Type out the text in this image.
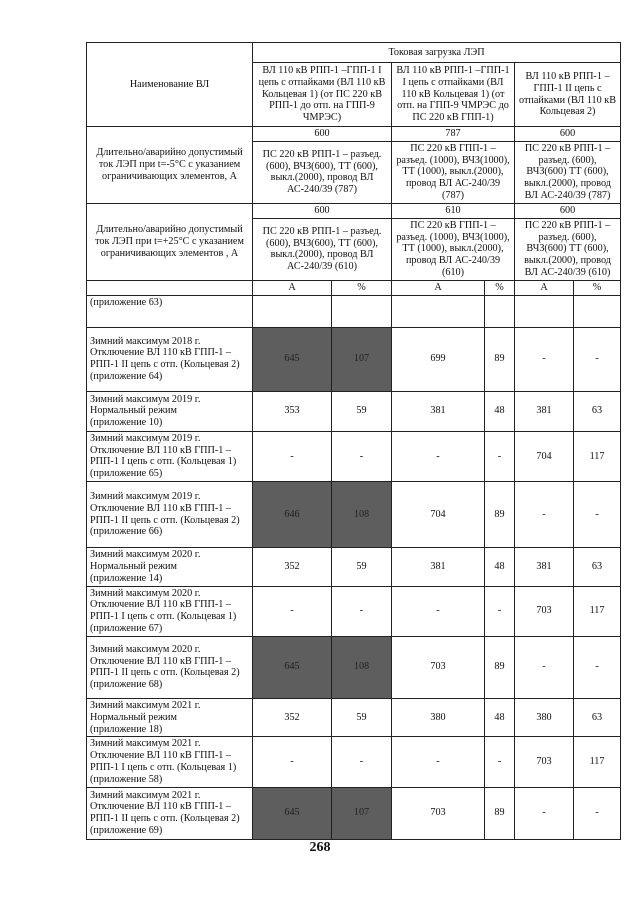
Наименование ВЛ	Токовая загрузка ЛЭП					
	ВЛ 110 кВ РПП-1 –ГПП-1 I цепь с отпайками (ВЛ 110 кВ Кольцевая 1) (от ПС 220 кВ РПП-1 до отп. на ГПП-9 ЧМРЭС)		ВЛ 110 кВ РПП-1 –ГПП-1 I цепь с отпайками (ВЛ 110 кВ Кольцевая 1) (от отп. на ГПП-9 ЧМРЭС до ПС 220 кВ ГПП-1)		ВЛ 110 кВ РПП-1 – ГПП-1 II цепь с отпайками (ВЛ 110 кВ Кольцевая 2)	
Длительно/аварийно допустимый ток ЛЭП при t=-5°С с указанием ограничивающих элементов, А	600		787		600	
	ПС 220 кВ РПП-1 – разъед. (600), ВЧЗ(600), ТТ (600), выкл.(2000), провод ВЛ АС-240/39 (787)		ПС 220 кВ ГПП-1 – разъед. (1000), ВЧЗ(1000), ТТ (1000), выкл.(2000), провод ВЛ АС-240/39 (787)		ПС 220 кВ РПП-1 – разъед. (600), ВЧЗ(600) ТТ (600), выкл.(2000), провод ВЛ АС-240/39 (787)	
Длительно/аварийно допустимый ток ЛЭП при t=+25°С с указанием ограничивающих элементов , А	600		610		600	
	ПС 220 кВ РПП-1 – разъед. (600), ВЧЗ(600), ТТ (600), выкл.(2000), провод ВЛ АС-240/39 (610)		ПС 220 кВ ГПП-1 – разъед. (1000), ВЧЗ(1000), ТТ (1000), выкл.(2000), провод ВЛ АС-240/39 (610)		ПС 220 кВ РПП-1 – разъед. (600), ВЧЗ(600) ТТ (600), выкл.(2000), провод ВЛ АС-240/39 (610)	
	А	%	А	%	А	%
(приложение 63)						
Зимний максимум 2018 г. Отключение ВЛ 110 кВ ГПП-1 – РПП-1 II цепь с отп. (Кольцевая 2)
(приложение 64)	645	107	699	89	-	-
Зимний максимум 2019 г. Нормальный режим
(приложение 10)	353	59	381	48	381	63
Зимний максимум 2019 г. Отключение ВЛ 110 кВ ГПП-1 – РПП-1 I цепь с отп. (Кольцевая 1)
(приложение 65)	-	-	-	-	704	117
Зимний максимум 2019 г. Отключение ВЛ 110 кВ ГПП-1 – РПП-1 II цепь с отп. (Кольцевая 2)
(приложение 66)	646	108	704	89	-	-
Зимний максимум 2020 г. Нормальный режим
(приложение 14)	352	59	381	48	381	63
Зимний максимум 2020 г. Отключение ВЛ 110 кВ ГПП-1 – РПП-1 I цепь с отп. (Кольцевая 1)
(приложение 67)	-	-	-	-	703	117
Зимний максимум 2020 г. Отключение ВЛ 110 кВ ГПП-1 – РПП-1 II цепь с отп. (Кольцевая 2)
(приложение 68)	645	108	703	89	-	-
Зимний максимум 2021 г. Нормальный режим
(приложение 18)	352	59	380	48	380	63
Зимний максимум 2021 г. Отключение ВЛ 110 кВ ГПП-1 – РПП-1 I цепь с отп. (Кольцевая 1)
(приложение 58)	-	-	-	-	703	117
Зимний максимум 2021 г. Отключение ВЛ 110 кВ ГПП-1 – РПП-1 II цепь с отп. (Кольцевая 2)
(приложение 69)	645	107	703	89	-	-
268
